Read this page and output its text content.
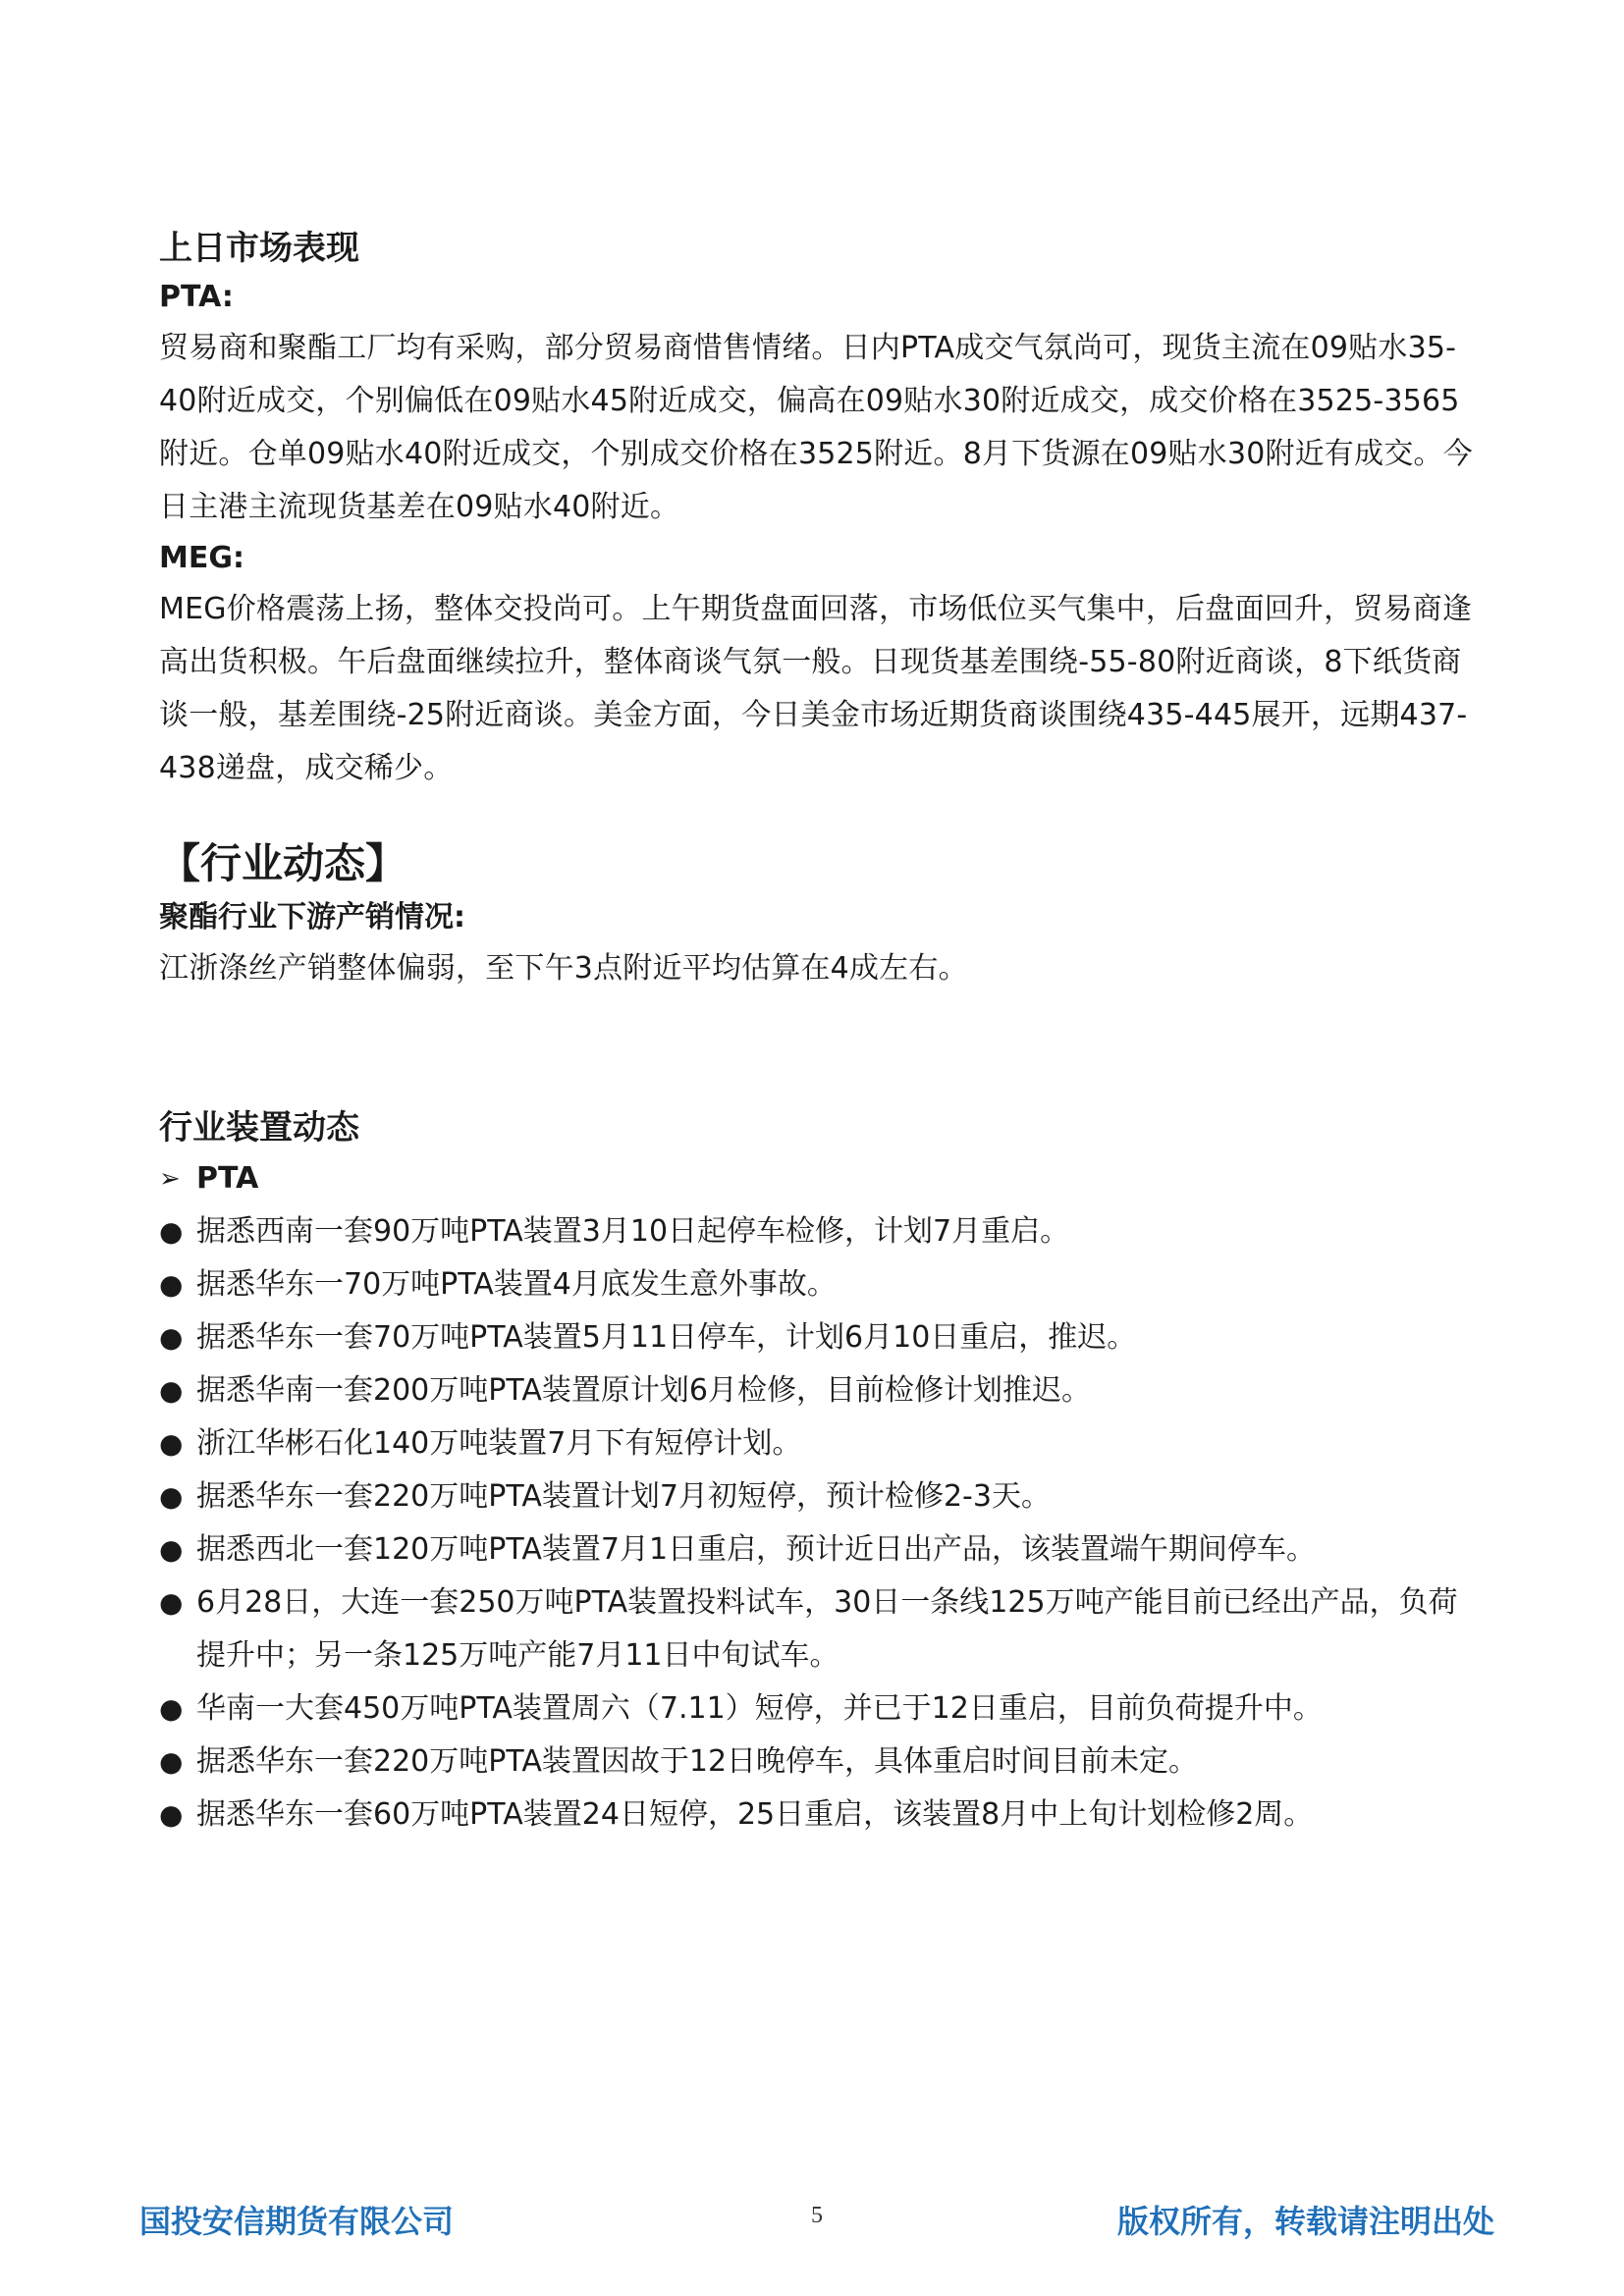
上日市场表现
PTA:

贸易商和聚酯工厂均有采购，部分贸易商惜售情绪。日内PTA成交气氛尚可，现货主流在09贴水35-40附近成交，个别偏低在09贴水45附近成交，偏高在09贴水30附近成交，成交价格在3525-3565附近。仓单09贴水40附近成交，个别成交价格在3525附近。8月下货源在09贴水30附近有成交。今日主港主流现货基差在09贴水40附近。

MEG:

MEG价格震荡上扬，整体交投尚可。上午期货盘面回落，市场低位买气集中，后盘面回升，贸易商逢高出货积极。午后盘面继续拉升，整体商谈气氛一般。日现货基差围绕-55-80附近商谈，8下纸货商谈一般，基差围绕-25附近商谈。美金方面，今日美金市场近期货商谈围绕435-445展开，远期437-438递盘，成交稀少。

【行业动态】
聚酯行业下游产销情况:

江浙涤丝产销整体偏弱，至下午3点附近平均估算在4成左右。

行业装置动态
➢ PTA
● 据悉西南一套90万吨PTA装置3月10日起停车检修，计划7月重启。
● 据悉华东一70万吨PTA装置4月底发生意外事故。
● 据悉华东一套70万吨PTA装置5月11日停车，计划6月10日重启，推迟。
● 据悉华南一套200万吨PTA装置原计划6月检修，目前检修计划推迟。
● 浙江华彬石化140万吨装置7月下有短停计划。
● 据悉华东一套220万吨PTA装置计划7月初短停，预计检修2-3天。
● 据悉西北一套120万吨PTA装置7月1日重启，预计近日出产品，该装置端午期间停车。
● 6月28日，大连一套250万吨PTA装置投料试车，30日一条线125万吨产能目前已经出产品，负荷提升中；另一条125万吨产能7月11日中旬试车。
● 华南一大套450万吨PTA装置周六（7.11）短停，并已于12日重启，目前负荷提升中。
● 据悉华东一套220万吨PTA装置因故于12日晚停车，具体重启时间目前未定。
● 据悉华东一套60万吨PTA装置24日短停，25日重启，该装置8月中上旬计划检修2周。
国投安信期货有限公司	5	版权所有，转载请注明出处
